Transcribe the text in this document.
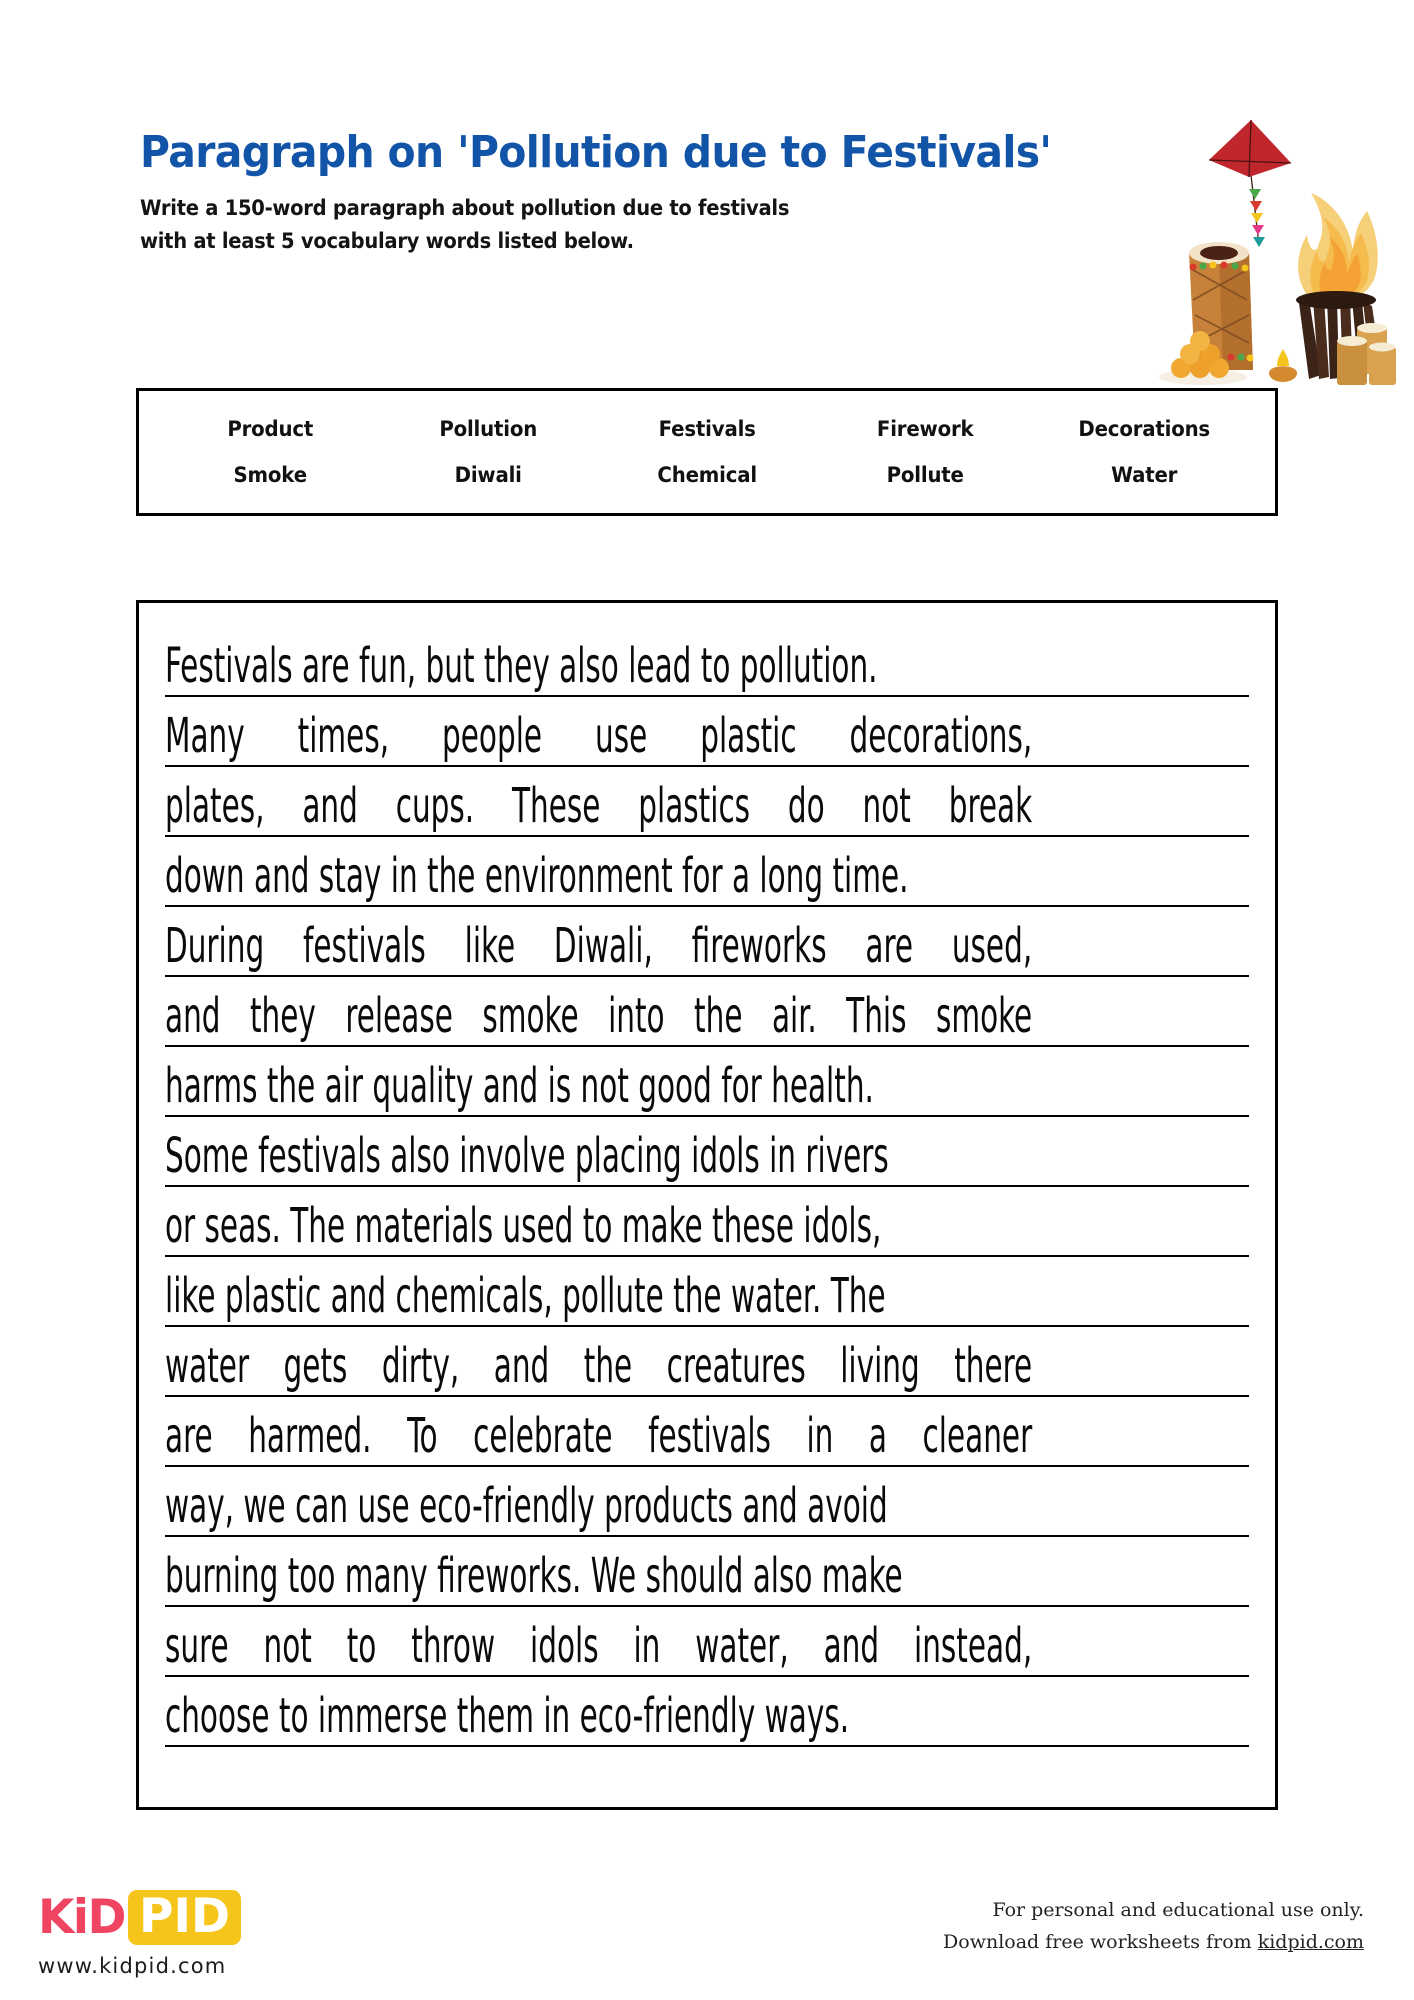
Paragraph on 'Pollution due to Festivals'
Write a 150-word paragraph about pollution due to festivals
with at least 5 vocabulary words listed below.
Product	Pollution	Festivals	Firework	Decorations
Smoke	Diwali	Chemical	Pollute	Water
Festivals are fun, but they also lead to pollution.
Many times, people use plastic decorations,
plates, and cups. These plastics do not break
down and stay in the environment for a long time.
During festivals like Diwali, fireworks are used,
and they release smoke into the air. This smoke
harms the air quality and is not good for health.
Some festivals also involve placing idols in rivers
or seas. The materials used to make these idols,
like plastic and chemicals, pollute the water. The
water gets dirty, and the creatures living there
are harmed. To celebrate festivals in a cleaner
way, we can use eco-friendly products and avoid
burning too many fireworks. We should also make
sure not to throw idols in water, and instead,
choose to immerse them in eco-friendly ways.
KiD PID
www.kidpid.com
For personal and educational use only.
Download free worksheets from kidpid.com
